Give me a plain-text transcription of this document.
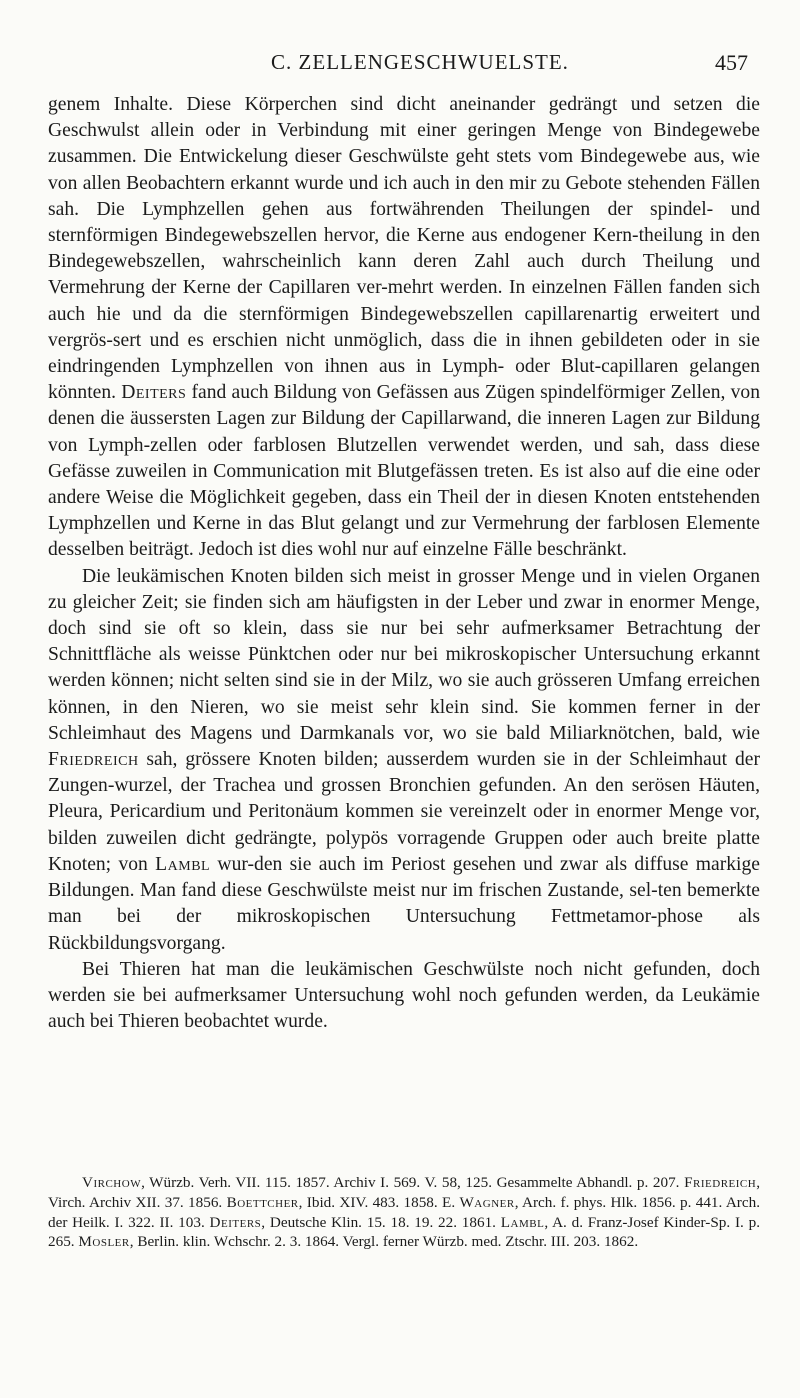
C. ZELLENGESCHWUELSTE.	457

genem Inhalte. Diese Körperchen sind dicht aneinander gedrängt und setzen die Geschwulst allein oder in Verbindung mit einer geringen Menge von Bindegewebe zusammen. Die Entwickelung dieser Geschwülste geht stets vom Bindegewebe aus, wie von allen Beobachtern erkannt wurde und ich auch in den mir zu Gebote stehenden Fällen sah. Die Lymphzellen gehen aus fortwährenden Theilungen der spindel- und sternförmigen Bindegewebszellen hervor, die Kerne aus endogener Kern-theilung in den Bindegewebszellen, wahrscheinlich kann deren Zahl auch durch Theilung und Vermehrung der Kerne der Capillaren ver-mehrt werden. In einzelnen Fällen fanden sich auch hie und da die sternförmigen Bindegewebszellen capillarenartig erweitert und vergrös-sert und es erschien nicht unmöglich, dass die in ihnen gebildeten oder in sie eindringenden Lymphzellen von ihnen aus in Lymph- oder Blut-capillaren gelangen könnten. Deiters fand auch Bildung von Gefässen aus Zügen spindelförmiger Zellen, von denen die äussersten Lagen zur Bildung der Capillarwand, die inneren Lagen zur Bildung von Lymph-zellen oder farblosen Blutzellen verwendet werden, und sah, dass diese Gefässe zuweilen in Communication mit Blutgefässen treten. Es ist also auf die eine oder andere Weise die Möglichkeit gegeben, dass ein Theil der in diesen Knoten entstehenden Lymphzellen und Kerne in das Blut gelangt und zur Vermehrung der farblosen Elemente desselben beiträgt. Jedoch ist dies wohl nur auf einzelne Fälle beschränkt.

Die leukämischen Knoten bilden sich meist in grosser Menge und in vielen Organen zu gleicher Zeit; sie finden sich am häufigsten in der Leber und zwar in enormer Menge, doch sind sie oft so klein, dass sie nur bei sehr aufmerksamer Betrachtung der Schnittfläche als weisse Pünktchen oder nur bei mikroskopischer Untersuchung erkannt werden können; nicht selten sind sie in der Milz, wo sie auch grösseren Umfang erreichen können, in den Nieren, wo sie meist sehr klein sind. Sie kommen ferner in der Schleimhaut des Magens und Darmkanals vor, wo sie bald Miliarknötchen, bald, wie Friedreich sah, grössere Knoten bilden; ausserdem wurden sie in der Schleimhaut der Zungen-wurzel, der Trachea und grossen Bronchien gefunden. An den serösen Häuten, Pleura, Pericardium und Peritonäum kommen sie vereinzelt oder in enormer Menge vor, bilden zuweilen dicht gedrängte, polypös vorragende Gruppen oder auch breite platte Knoten; von Lambl wur-den sie auch im Periost gesehen und zwar als diffuse markige Bildungen. Man fand diese Geschwülste meist nur im frischen Zustande, sel-ten bemerkte man bei der mikroskopischen Untersuchung Fettmetamor-phose als Rückbildungsvorgang.

Bei Thieren hat man die leukämischen Geschwülste noch nicht gefunden, doch werden sie bei aufmerksamer Untersuchung wohl noch gefunden werden, da Leukämie auch bei Thieren beobachtet wurde.

Virchow, Würzb. Verh. VII. 115. 1857. Archiv I. 569. V. 58, 125. Gesammelte Abhandl. p. 207. Friedreich, Virch. Archiv XII. 37. 1856. Boettcher, Ibid. XIV. 483. 1858. E. Wagner, Arch. f. phys. Hlk. 1856. p. 441. Arch. der Heilk. I. 322. II. 103. Deiters, Deutsche Klin. 15. 18. 19. 22. 1861. Lambl, A. d. Franz-Josef Kinder-Sp. I. p. 265. Mosler, Berlin. klin. Wchschr. 2. 3. 1864. Vergl. ferner Würzb. med. Ztschr. III. 203. 1862.
